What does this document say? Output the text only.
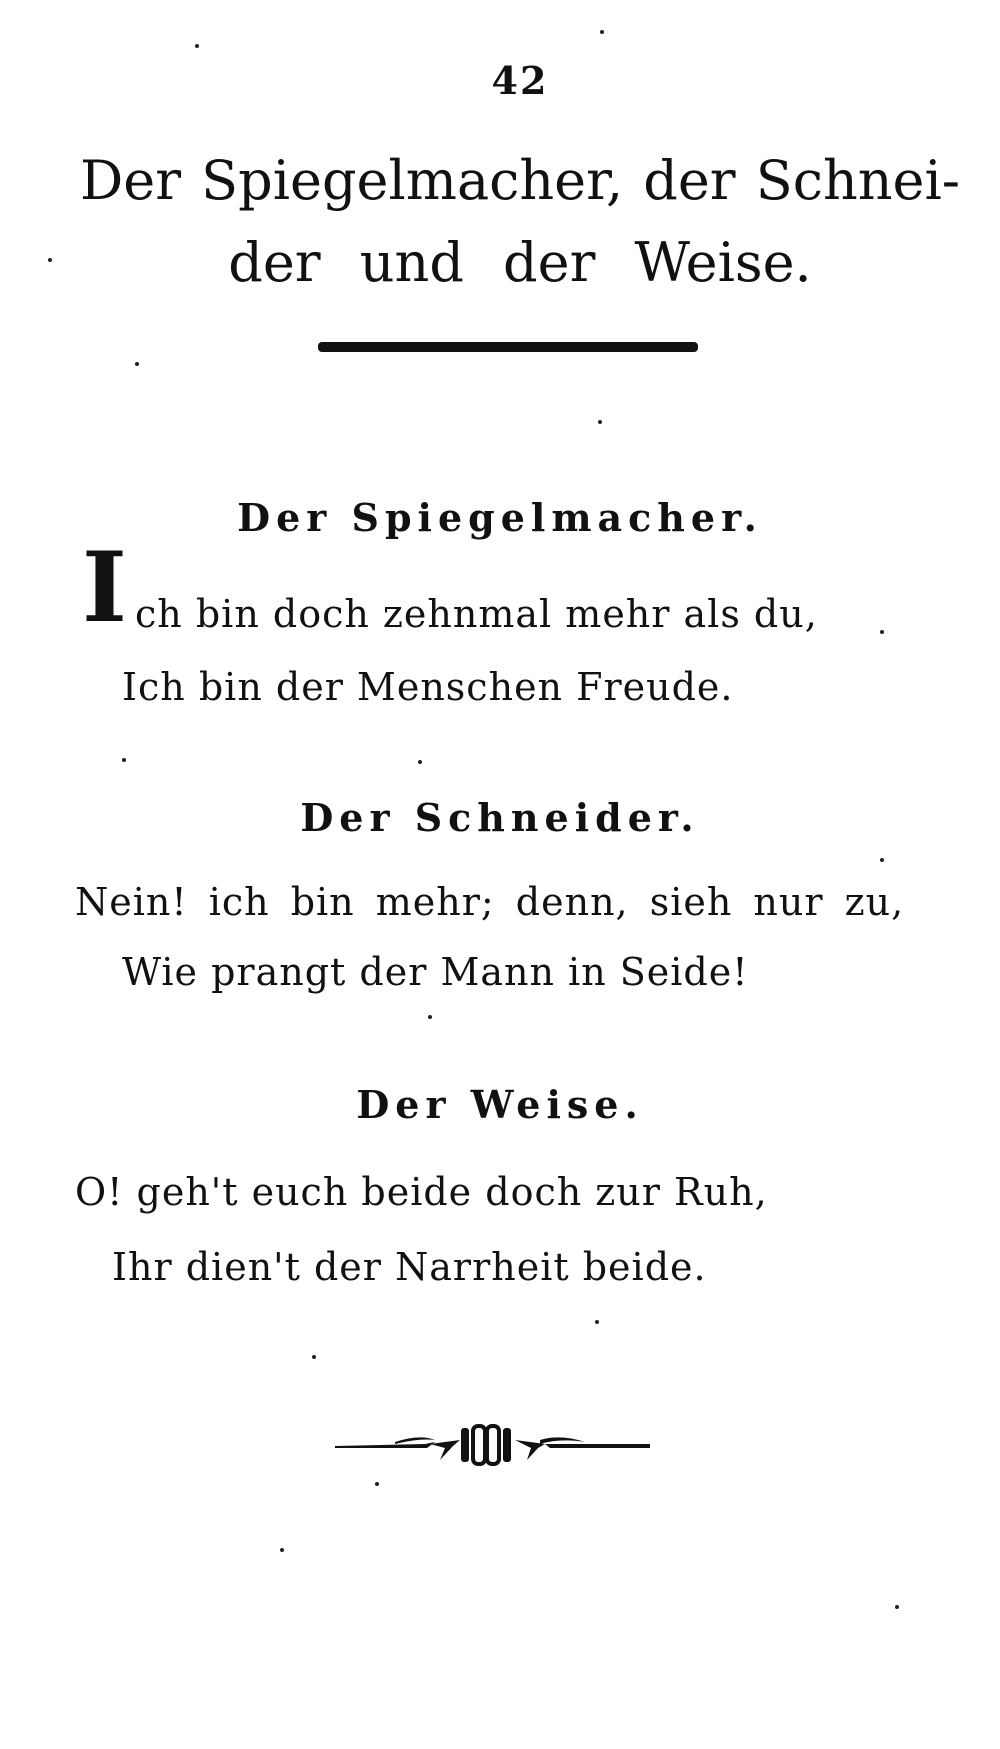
42
Der Spiegelmacher, der Schnei-
der und der Weise.
Der Spiegelmacher.
I ch bin doch zehnmal mehr als du,
Ich bin der Menschen Freude.
Der Schneider.
Nein! ich bin mehr; denn, sieh nur zu,
Wie prangt der Mann in Seide!
Der Weise.
O! geh't euch beide doch zur Ruh,
Ihr dien't der Narrheit beide.
